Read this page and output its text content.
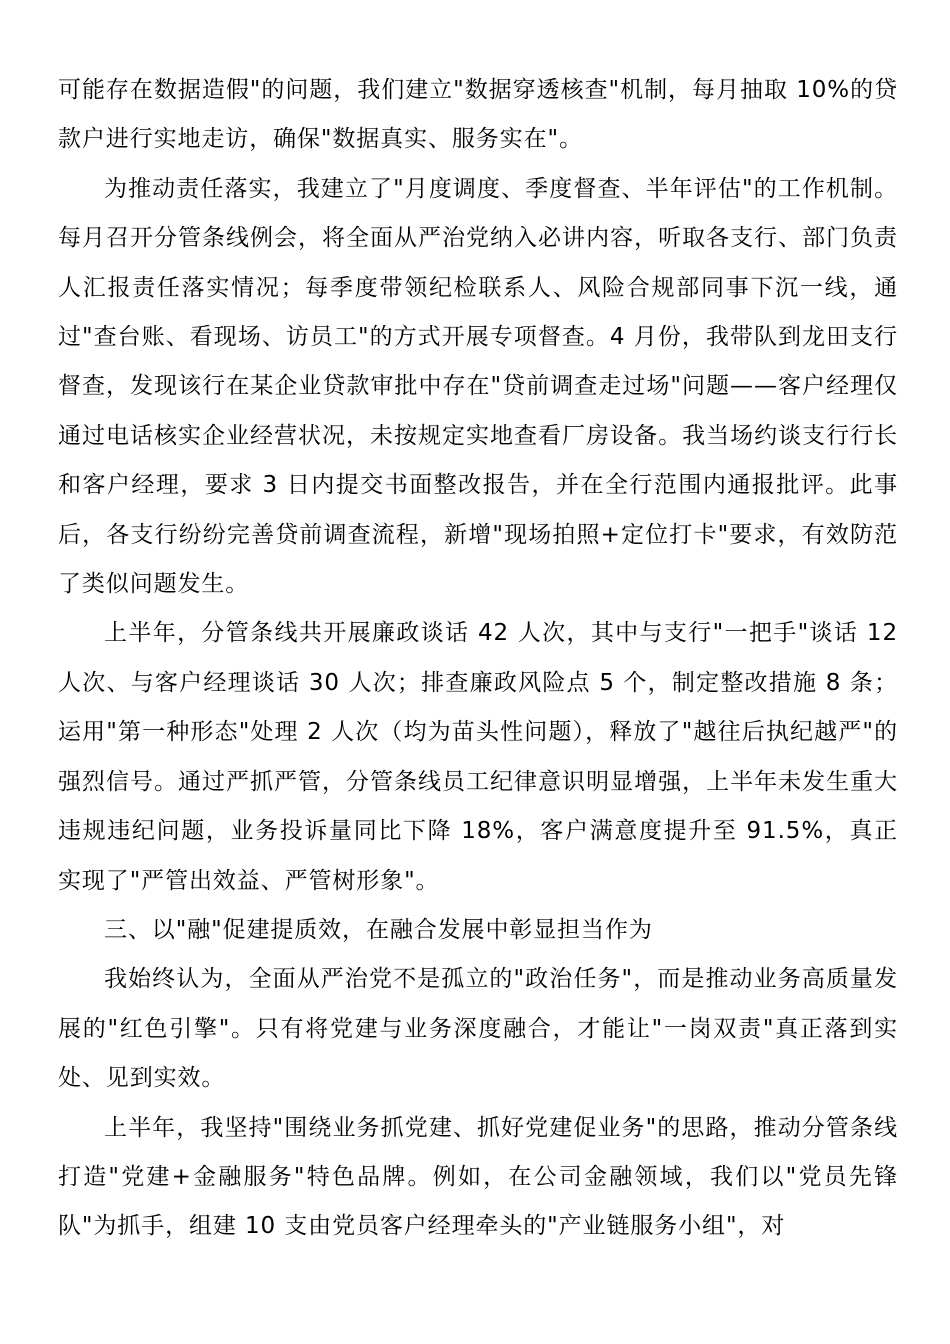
可能存在数据造假"的问题，我们建立"数据穿透核查"机制，每月抽取 10%的贷款户进行实地走访，确保"数据真实、服务实在"。

为推动责任落实，我建立了"月度调度、季度督查、半年评估"的工作机制。每月召开分管条线例会，将全面从严治党纳入必讲内容，听取各支行、部门负责人汇报责任落实情况；每季度带领纪检联系人、风险合规部同事下沉一线，通过"查台账、看现场、访员工"的方式开展专项督查。4 月份，我带队到龙田支行督查，发现该行在某企业贷款审批中存在"贷前调查走过场"问题——客户经理仅通过电话核实企业经营状况，未按规定实地查看厂房设备。我当场约谈支行行长和客户经理，要求 3 日内提交书面整改报告，并在全行范围内通报批评。此事后，各支行纷纷完善贷前调查流程，新增"现场拍照+定位打卡"要求，有效防范了类似问题发生。

上半年，分管条线共开展廉政谈话 42 人次，其中与支行"一把手"谈话 12 人次、与客户经理谈话 30 人次；排查廉政风险点 5 个，制定整改措施 8 条；运用"第一种形态"处理 2 人次（均为苗头性问题），释放了"越往后执纪越严"的强烈信号。通过严抓严管，分管条线员工纪律意识明显增强，上半年未发生重大违规违纪问题，业务投诉量同比下降 18%，客户满意度提升至 91.5%，真正实现了"严管出效益、严管树形象"。

三、以"融"促建提质效，在融合发展中彰显担当作为

我始终认为，全面从严治党不是孤立的"政治任务"，而是推动业务高质量发展的"红色引擎"。只有将党建与业务深度融合，才能让"一岗双责"真正落到实处、见到实效。

上半年，我坚持"围绕业务抓党建、抓好党建促业务"的思路，推动分管条线打造"党建+金融服务"特色品牌。例如，在公司金融领域，我们以"党员先锋队"为抓手，组建 10 支由党员客户经理牵头的"产业链服务小组"，对
